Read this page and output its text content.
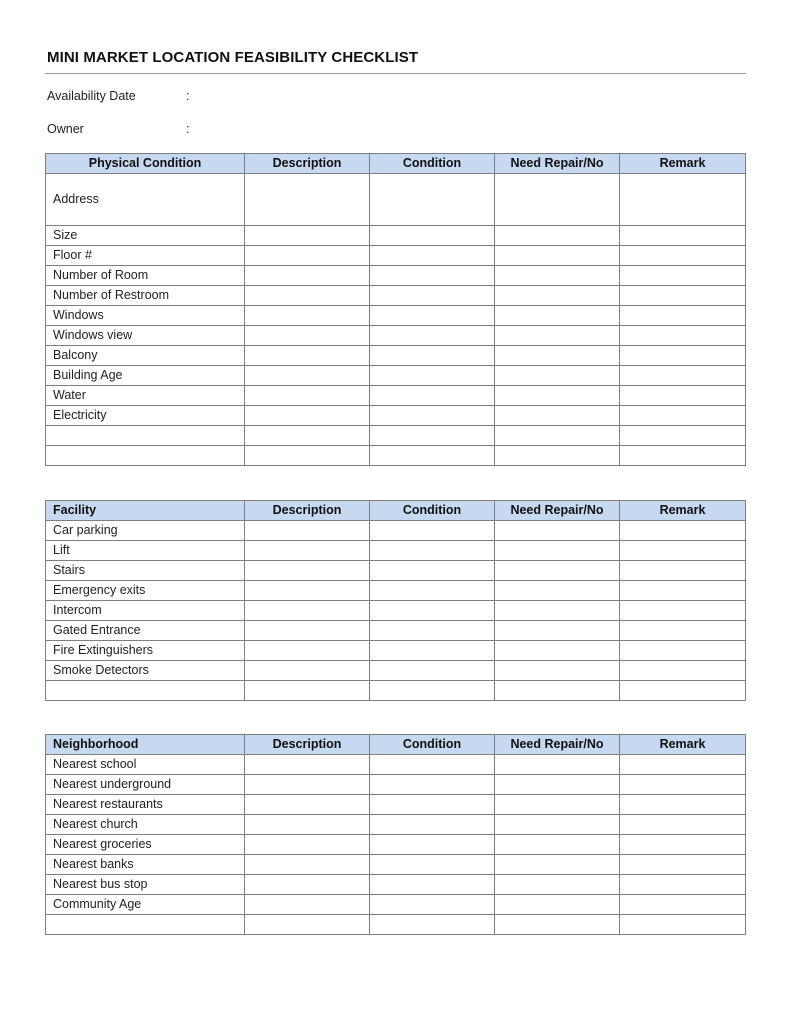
MINI MARKET LOCATION FEASIBILITY CHECKLIST
Availability Date	:
Owner	:
Physical Condition	Description	Condition	Need Repair/No	Remark
Address				
Size				
Floor #				
Number of Room				
Number of Restroom				
Windows				
Windows view				
Balcony				
Building Age				
Water				
Electricity				

Facility	Description	Condition	Need Repair/No	Remark
Car parking				
Lift				
Stairs				
Emergency exits				
Intercom				
Gated Entrance				
Fire Extinguishers				
Smoke Detectors				

Neighborhood	Description	Condition	Need Repair/No	Remark
Nearest school				
Nearest underground				
Nearest restaurants				
Nearest church				
Nearest groceries				
Nearest banks				
Nearest bus stop				
Community Age				
